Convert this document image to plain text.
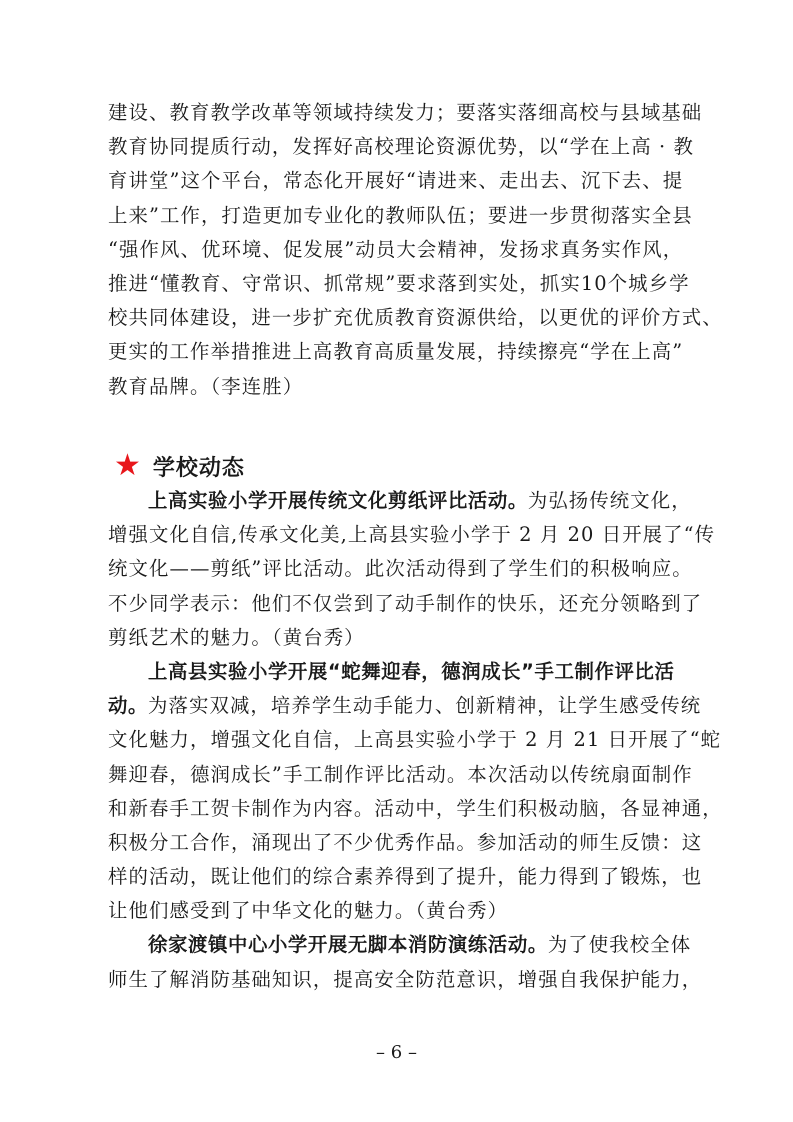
建设、教育教学改革等领域持续发力；要落实落细高校与县域基础
教育协同提质行动，发挥好高校理论资源优势，以“学在上高 · 教
育讲堂”这个平台，常态化开展好“请进来、走出去、沉下去、提
上来”工作，打造更加专业化的教师队伍；要进一步贯彻落实全县
“强作风、优环境、促发展”动员大会精神，发扬求真务实作风，
推进“懂教育、守常识、抓常规”要求落到实处，抓实10个城乡学
校共同体建设，进一步扩充优质教育资源供给，以更优的评价方式、
更实的工作举措推进上高教育高质量发展，持续擦亮“学在上高”
教育品牌。（李连胜）
★ 学校动态
上高实验小学开展传统文化剪纸评比活动。为弘扬传统文化，
增强文化自信,传承文化美,上高县实验小学于 2 月 20 日开展了“传
统文化——剪纸”评比活动。此次活动得到了学生们的积极响应。
不少同学表示：他们不仅尝到了动手制作的快乐，还充分领略到了
剪纸艺术的魅力。（黄台秀）
上高县实验小学开展“蛇舞迎春，德润成长”手工制作评比活
动。为落实双减，培养学生动手能力、创新精神，让学生感受传统
文化魅力，增强文化自信，上高县实验小学于 2 月 21 日开展了“蛇
舞迎春，德润成长”手工制作评比活动。本次活动以传统扇面制作
和新春手工贺卡制作为内容。活动中，学生们积极动脑，各显神通，
积极分工合作，涌现出了不少优秀作品。参加活动的师生反馈：这
样的活动，既让他们的综合素养得到了提升，能力得到了锻炼，也
让他们感受到了中华文化的魅力。（黄台秀）
徐家渡镇中心小学开展无脚本消防演练活动。为了使我校全体
师生了解消防基础知识，提高安全防范意识，增强自我保护能力，
– 6 –
